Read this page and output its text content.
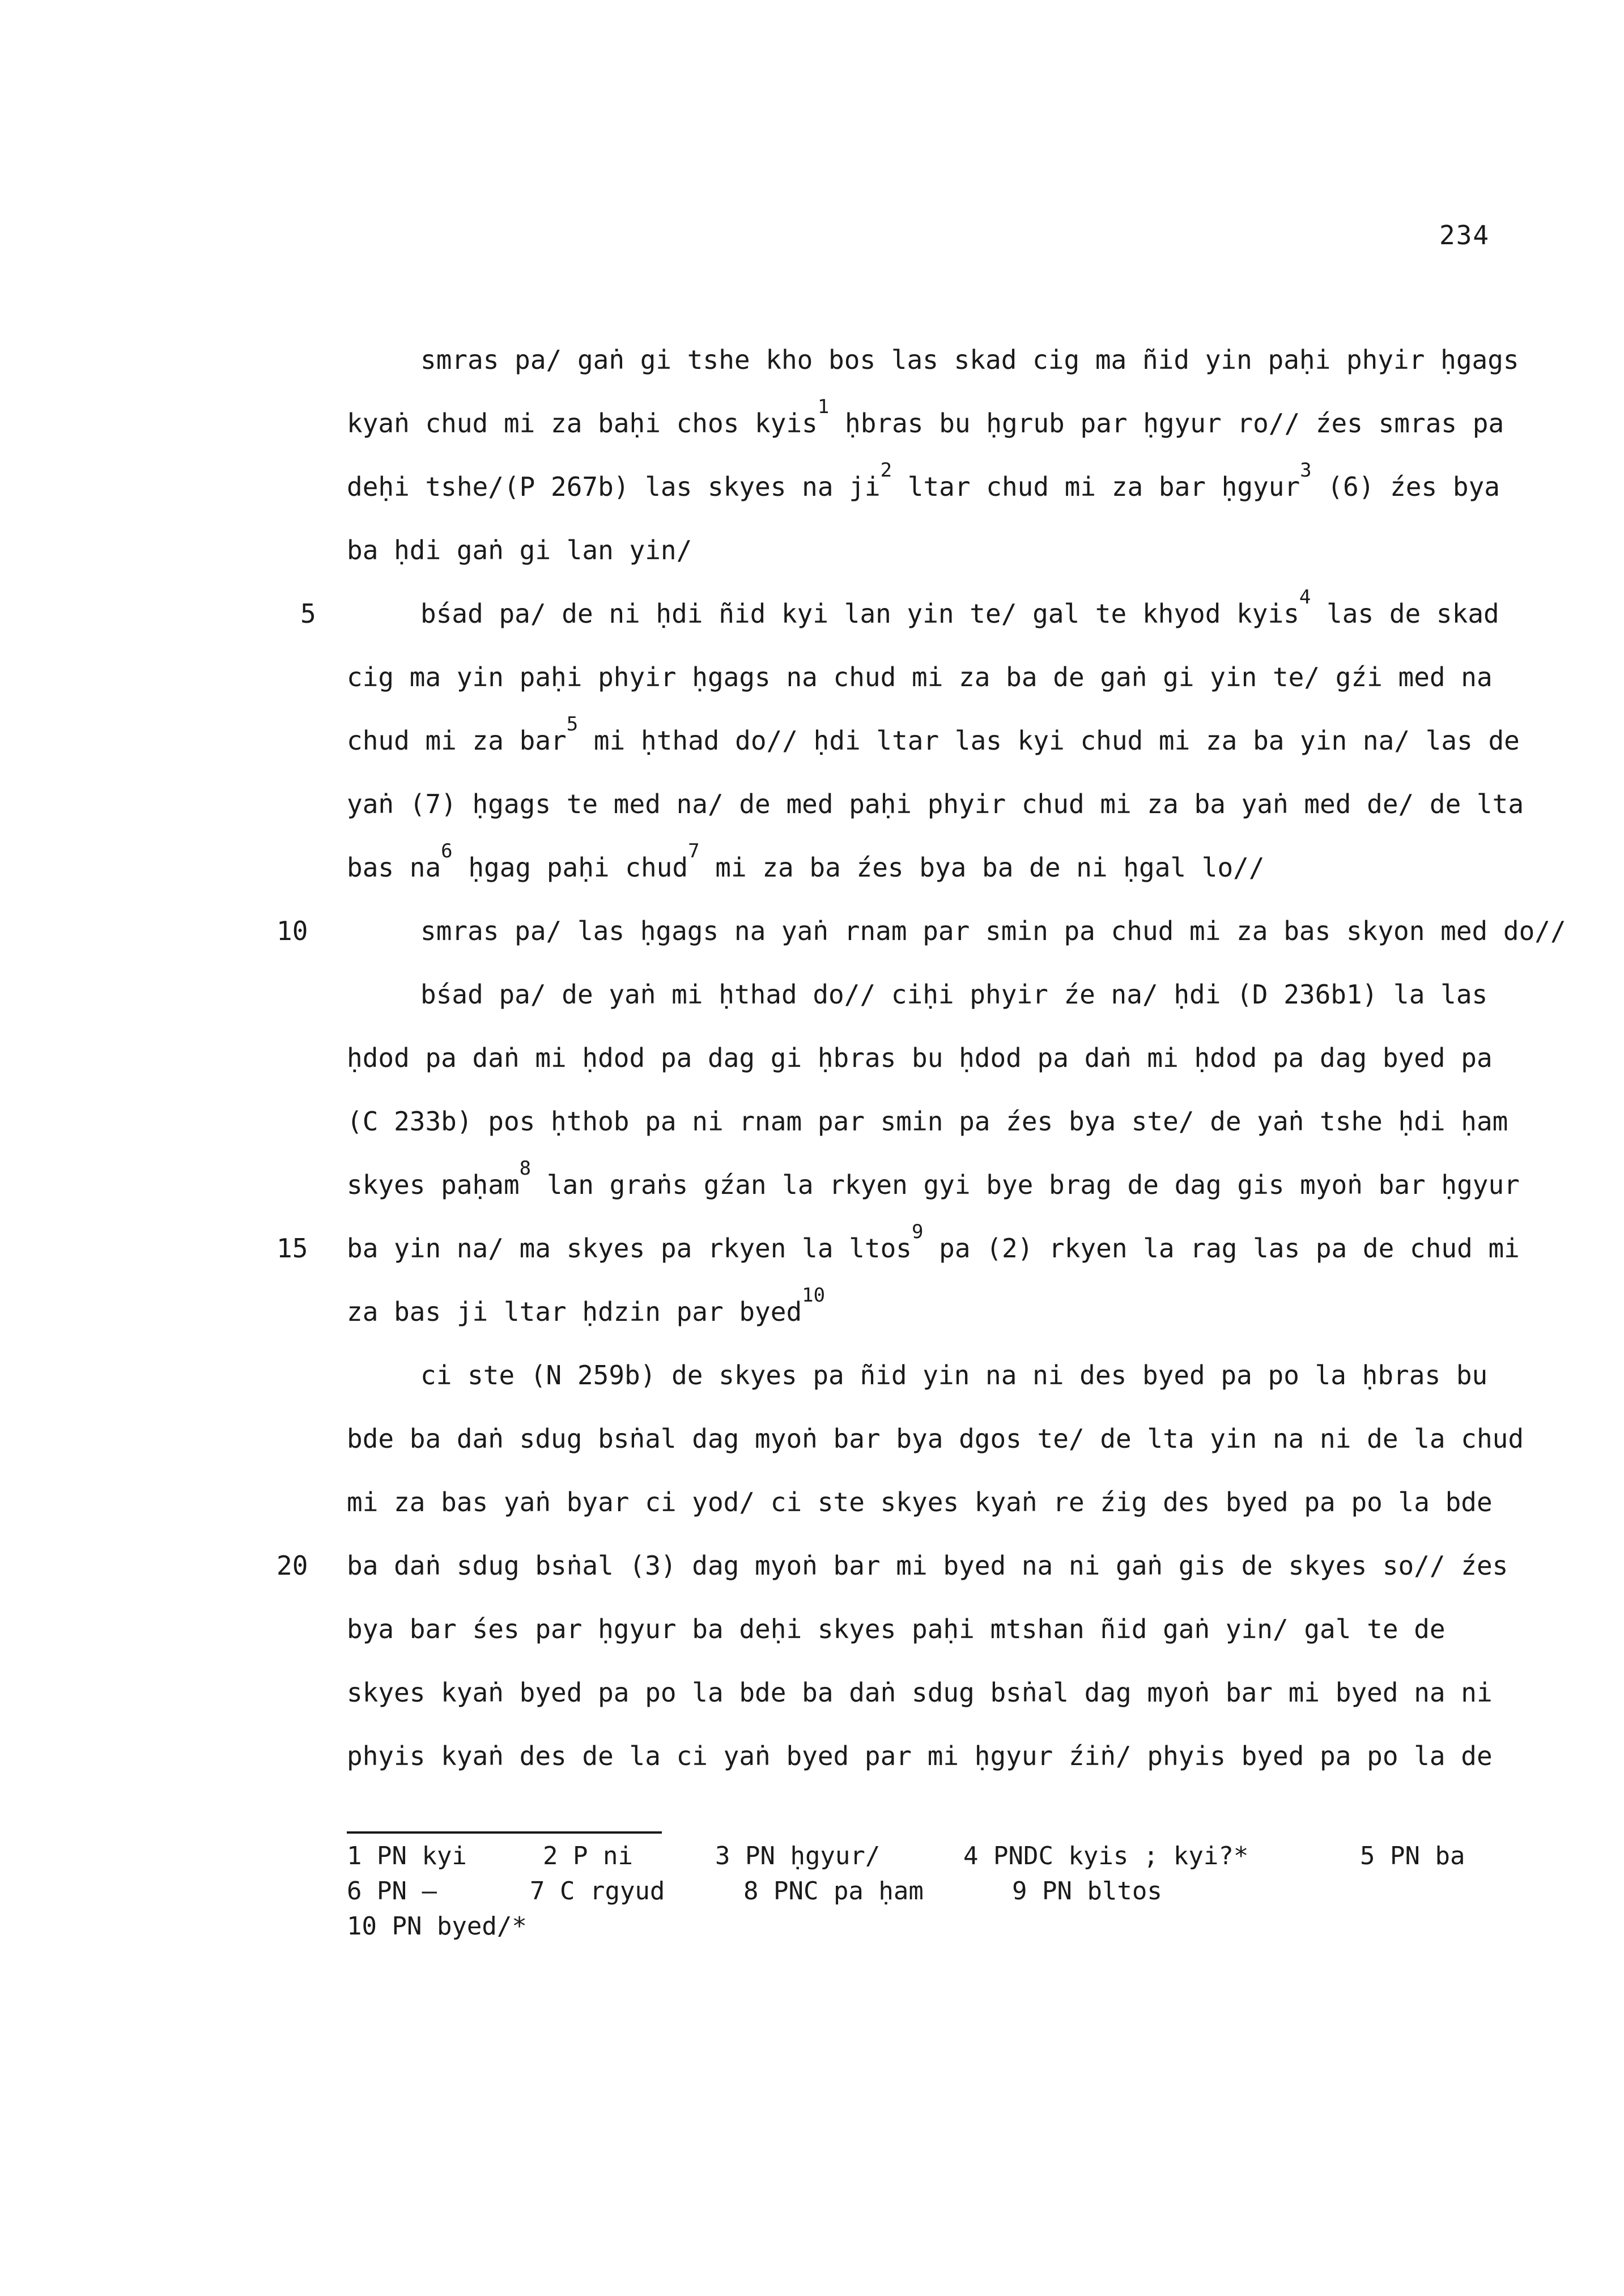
234
smras pa/ gaṅ gi tshe kho bos las skad cig ma ñid yin paḥi phyir ḥgags
kyaṅ chud mi za baḥi chos kyis$^1$ ḥbras bu ḥgrub par ḥgyur ro// źes smras pa
deḥi tshe/(P 267b) las skyes na $ji^2$ ltar chud mi za bar ḥgyur$^3$ (6) źes bya
ba ḥdi gaṅ gi lan yin/
bśad pa/ de ni ḥdi ñid kyi lan yin te/ gal te khyod kyis$^4$ las de skad
5
cig ma yin paḥi phyir ḥgags na chud mi za ba de gaṅ gi yin te/ gźi med na
chud mi za bar$^5$ mi ḥthad do// ḥdi ltar las kyi chud mi za ba yin na/ las de
yaṅ (7) ḥgags te med na/ de med paḥi phyir chud mi za ba yaṅ med de/ de lta
bas $na^6$ ḥgag paḥi chud$^7$ mi za ba źes bya ba de ni ḥgal lo//
smras pa/ las ḥgags na yaṅ rnam par smin pa chud mi za bas skyon med do//
10
bśad pa/ de yaṅ mi ḥthad do// ciḥi phyir źe na/ ḥdi (D 236b1) la las
ḥdod pa daṅ mi ḥdod pa dag gi ḥbras bu ḥdod pa daṅ mi ḥdod pa dag byed pa
(C 233b) pos ḥthob pa ni rnam par smin pa źes bya ste/ de yaṅ tshe ḥdi ḥam
skyes paḥam$^8$ lan graṅs gźan la rkyen gyi bye brag de dag gis myoṅ bar ḥgyur
ba yin na/ ma skyes pa rkyen la ltos$^9$ pa (2) rkyen la rag las pa de chud mi
15
za bas ji ltar ḥdzin par byed$^{10}$
ci ste (N 259b) de skyes pa ñid yin na ni des byed pa po la ḥbras bu
bde ba daṅ sdug bsṅal dag myoṅ bar bya dgos te/ de lta yin na ni de la chud
mi za bas yaṅ byar ci yod/ ci ste skyes kyaṅ re źig des byed pa po la bde
ba daṅ sdug bsṅal (3) dag myoṅ bar mi byed na ni gaṅ gis de skyes so// źes
20
bya bar śes par ḥgyur ba deḥi skyes paḥi mtshan ñid gaṅ yin/ gal te de
skyes kyaṅ byed pa po la bde ba daṅ sdug bsṅal dag myoṅ bar mi byed na ni
phyis kyaṅ des de la ci yaṅ byed par mi ḥgyur źiṅ/ phyis byed pa po la de
1 PN kyi	2 P ni	3 PN ḥgyur/	4 PNDC kyis ; kyi?*	5 PN ba
6 PN —	7 C rgyud	8 PNC pa ḥam	9 PN bltos
10 PN byed/*
